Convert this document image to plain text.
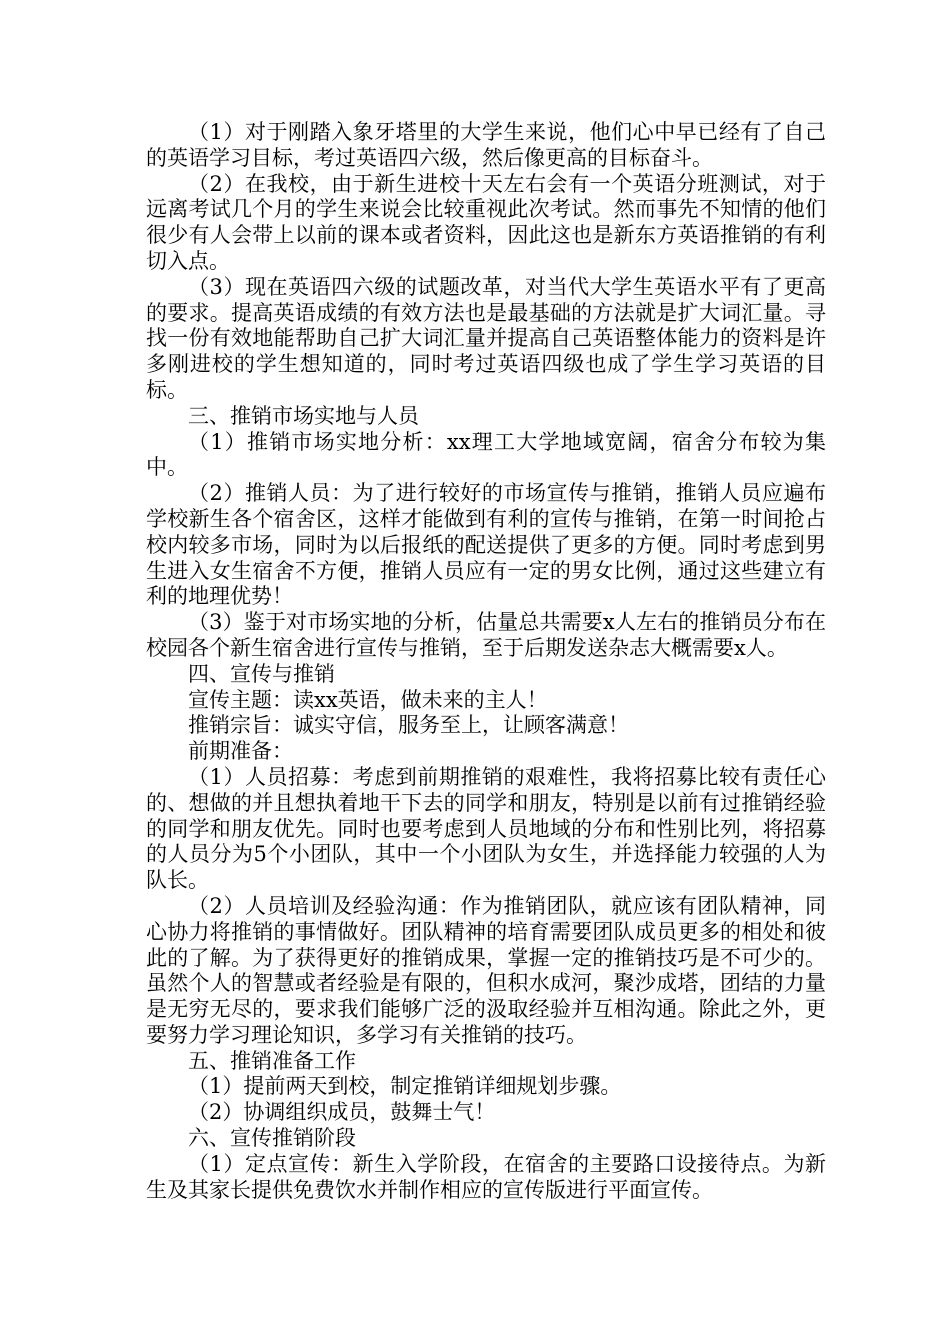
（1）对于刚踏入象牙塔里的大学生来说，他们心中早已经有了自己的英语学习目标，考过英语四六级，然后像更高的目标奋斗。

（2）在我校，由于新生进校十天左右会有一个英语分班测试，对于远离考试几个月的学生来说会比较重视此次考试。然而事先不知情的他们很少有人会带上以前的课本或者资料，因此这也是新东方英语推销的有利切入点。

（3）现在英语四六级的试题改革，对当代大学生英语水平有了更高的要求。提高英语成绩的有效方法也是最基础的方法就是扩大词汇量。寻找一份有效地能帮助自己扩大词汇量并提高自己英语整体能力的资料是许多刚进校的学生想知道的，同时考过英语四级也成了学生学习英语的目标。

三、推销市场实地与人员

（1）推销市场实地分析：xx理工大学地域宽阔，宿舍分布较为集中。

（2）推销人员：为了进行较好的市场宣传与推销，推销人员应遍布学校新生各个宿舍区，这样才能做到有利的宣传与推销，在第一时间抢占校内较多市场，同时为以后报纸的配送提供了更多的方便。同时考虑到男生进入女生宿舍不方便，推销人员应有一定的男女比例，通过这些建立有利的地理优势！

（3）鉴于对市场实地的分析，估量总共需要x人左右的推销员分布在校园各个新生宿舍进行宣传与推销，至于后期发送杂志大概需要x人。

四、宣传与推销

宣传主题：读xx英语，做未来的主人！

推销宗旨：诚实守信，服务至上，让顾客满意！

前期准备：

（1）人员招募：考虑到前期推销的艰难性，我将招募比较有责任心的、想做的并且想执着地干下去的同学和朋友，特别是以前有过推销经验的同学和朋友优先。同时也要考虑到人员地域的分布和性别比列，将招募的人员分为5个小团队，其中一个小团队为女生，并选择能力较强的人为队长。

（2）人员培训及经验沟通：作为推销团队，就应该有团队精神，同心协力将推销的事情做好。团队精神的培育需要团队成员更多的相处和彼此的了解。为了获得更好的推销成果，掌握一定的推销技巧是不可少的。虽然个人的智慧或者经验是有限的，但积水成河，聚沙成塔，团结的力量是无穷无尽的，要求我们能够广泛的汲取经验并互相沟通。除此之外，更要努力学习理论知识，多学习有关推销的技巧。

五、推销准备工作

（1）提前两天到校，制定推销详细规划步骤。

（2）协调组织成员，鼓舞士气！

六、宣传推销阶段

（1）定点宣传：新生入学阶段，在宿舍的主要路口设接待点。为新生及其家长提供免费饮水并制作相应的宣传版进行平面宣传。
